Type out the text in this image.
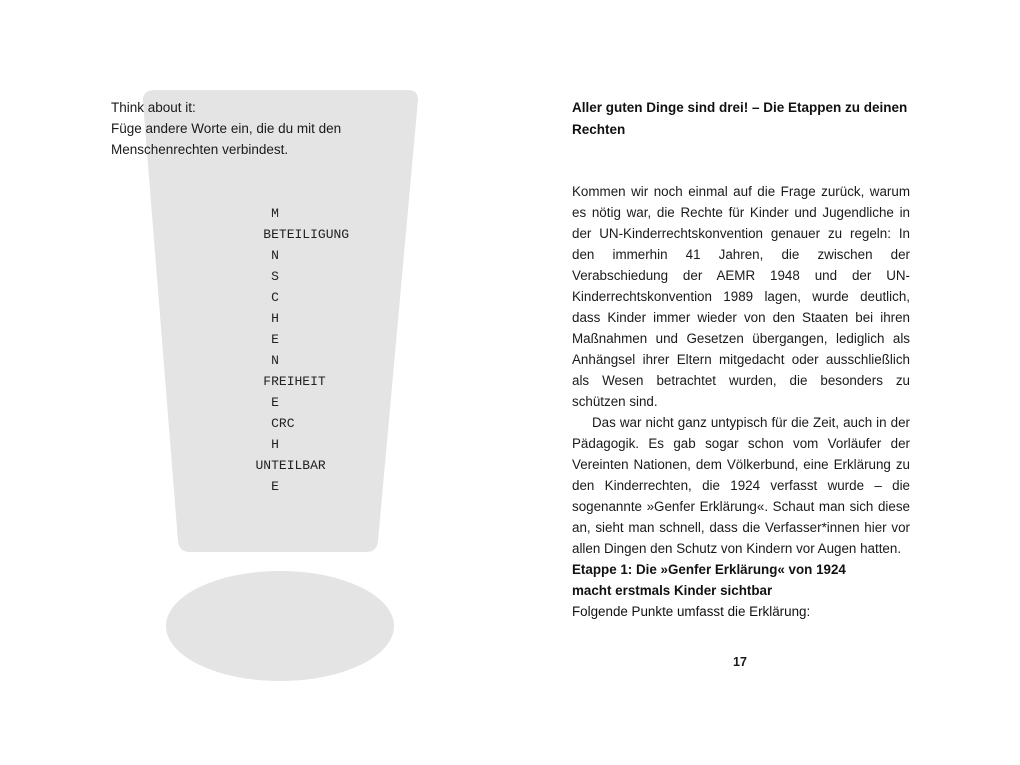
Think about it:

Füge andere Worte ein, die du mit den Menschenrechten verbindest.

M
BETEILIGUNG
N
S
C
H
E
N
FREIHEIT
E
CRC
H
UNTEILBAR
E
Aller guten Dinge sind drei! – Die Etappen zu deinen Rechten

Kommen wir noch einmal auf die Frage zurück, warum es nötig war, die Rechte für Kinder und Jugendliche in der UN-Kinderrechtskonvention genauer zu regeln: In den immerhin 41 Jahren, die zwischen der Verabschiedung der AEMR 1948 und der UN-Kinderrechtskonvention 1989 lagen, wurde deutlich, dass Kinder immer wieder von den Staaten bei ihren Maßnahmen und Gesetzen übergangen, lediglich als Anhängsel ihrer Eltern mitgedacht oder ausschließlich als Wesen betrachtet wurden, die besonders zu schützen sind.

Das war nicht ganz untypisch für die Zeit, auch in der Pädagogik. Es gab sogar schon vom Vorläufer der Vereinten Nationen, dem Völkerbund, eine Erklärung zu den Kinderrechten, die 1924 verfasst wurde – die sogenannte »Genfer Erklärung«. Schaut man sich diese an, sieht man schnell, dass die Verfasser*innen hier vor allen Dingen den Schutz von Kindern vor Augen hatten.

Etappe 1: Die »Genfer Erklärung« von 1924
macht erstmals Kinder sichtbar
Folgende Punkte umfasst die Erklärung:
17
